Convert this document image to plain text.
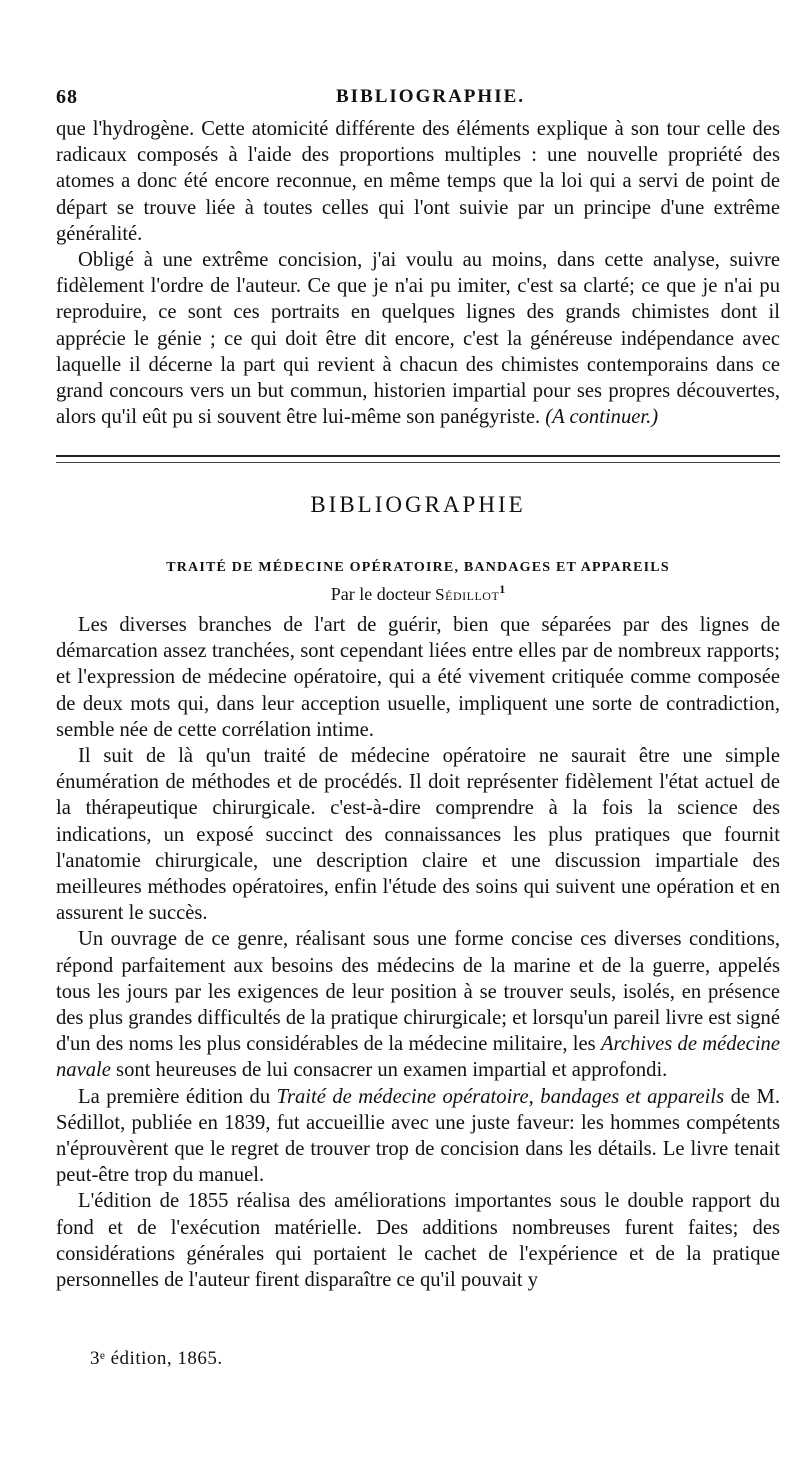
68	BIBLIOGRAPHIE.

que l'hydrogène. Cette atomicité différente des éléments explique à son tour celle des radicaux composés à l'aide des proportions multiples : une nouvelle propriété des atomes a donc été encore reconnue, en même temps que la loi qui a servi de point de départ se trouve liée à toutes celles qui l'ont suivie par un principe d'une extrême généralité.

Obligé à une extrême concision, j'ai voulu au moins, dans cette analyse, suivre fidèlement l'ordre de l'auteur. Ce que je n'ai pu imiter, c'est sa clarté; ce que je n'ai pu reproduire, ce sont ces portraits en quelques lignes des grands chimistes dont il apprécie le génie ; ce qui doit être dit encore, c'est la généreuse indépendance avec laquelle il décerne la part qui revient à chacun des chimistes contemporains dans ce grand concours vers un but commun, historien impartial pour ses propres découvertes, alors qu'il eût pu si souvent être lui-même son panégyriste. (A continuer.)

BIBLIOGRAPHIE
TRAITÉ DE MÉDECINE OPÉRATOIRE, BANDAGES ET APPAREILS
Par le docteur Sédillot$^1$

Les diverses branches de l'art de guérir, bien que séparées par des lignes de démarcation assez tranchées, sont cependant liées entre elles par de nombreux rapports; et l'expression de médecine opératoire, qui a été vivement critiquée comme composée de deux mots qui, dans leur acception usuelle, impliquent une sorte de contradiction, semble née de cette corrélation intime.

Il suit de là qu'un traité de médecine opératoire ne saurait être une simple énumération de méthodes et de procédés. Il doit représenter fidèlement l'état actuel de la thérapeutique chirurgicale. c'est-à-dire comprendre à la fois la science des indications, un exposé succinct des connaissances les plus pratiques que fournit l'anatomie chirurgicale, une description claire et une discussion impartiale des meilleures méthodes opératoires, enfin l'étude des soins qui suivent une opération et en assurent le succès.

Un ouvrage de ce genre, réalisant sous une forme concise ces diverses conditions, répond parfaitement aux besoins des médecins de la marine et de la guerre, appelés tous les jours par les exigences de leur position à se trouver seuls, isolés, en présence des plus grandes difficultés de la pratique chirurgicale; et lorsqu'un pareil livre est signé d'un des noms les plus considérables de la médecine militaire, les Archives de médecine navale sont heureuses de lui consacrer un examen impartial et approfondi.

La première édition du Traité de médecine opératoire, bandages et appareils de M. Sédillot, publiée en 1839, fut accueillie avec une juste faveur: les hommes compétents n'éprouvèrent que le regret de trouver trop de concision dans les détails. Le livre tenait peut-être trop du manuel.

L'édition de 1855 réalisa des améliorations importantes sous le double rapport du fond et de l'exécution matérielle. Des additions nombreuses furent faites; des considérations générales qui portaient le cachet de l'expérience et de la pratique personnelles de l'auteur firent disparaître ce qu'il pouvait y

3ᵉ édition, 1865.
